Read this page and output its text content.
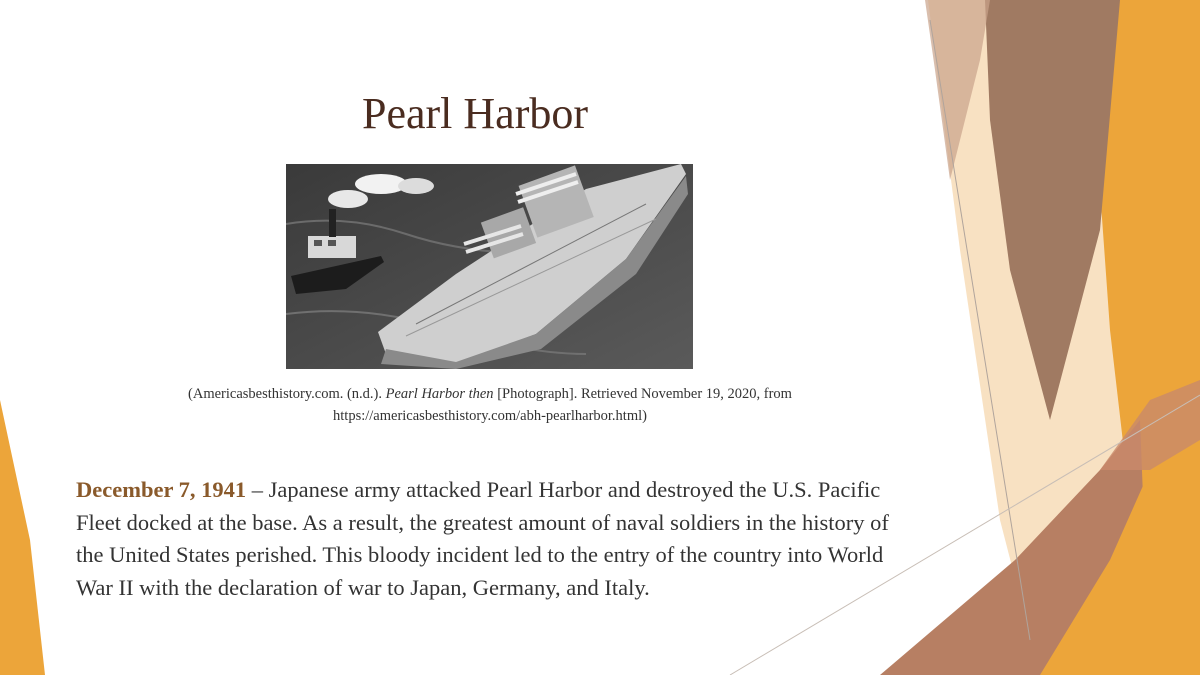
Pearl Harbor
(Americasbesthistory.com. (n.d.). Pearl Harbor then [Photograph]. Retrieved November 19, 2020, from
https://americasbesthistory.com/abh-pearlharbor.html)
December 7, 1941 – Japanese army attacked Pearl Harbor and destroyed the U.S. Pacific Fleet docked at the base. As a result, the greatest amount of naval soldiers in the history of the United States perished. This bloody incident led to the entry of the country into World War II with the declaration of war to Japan, Germany, and Italy.
